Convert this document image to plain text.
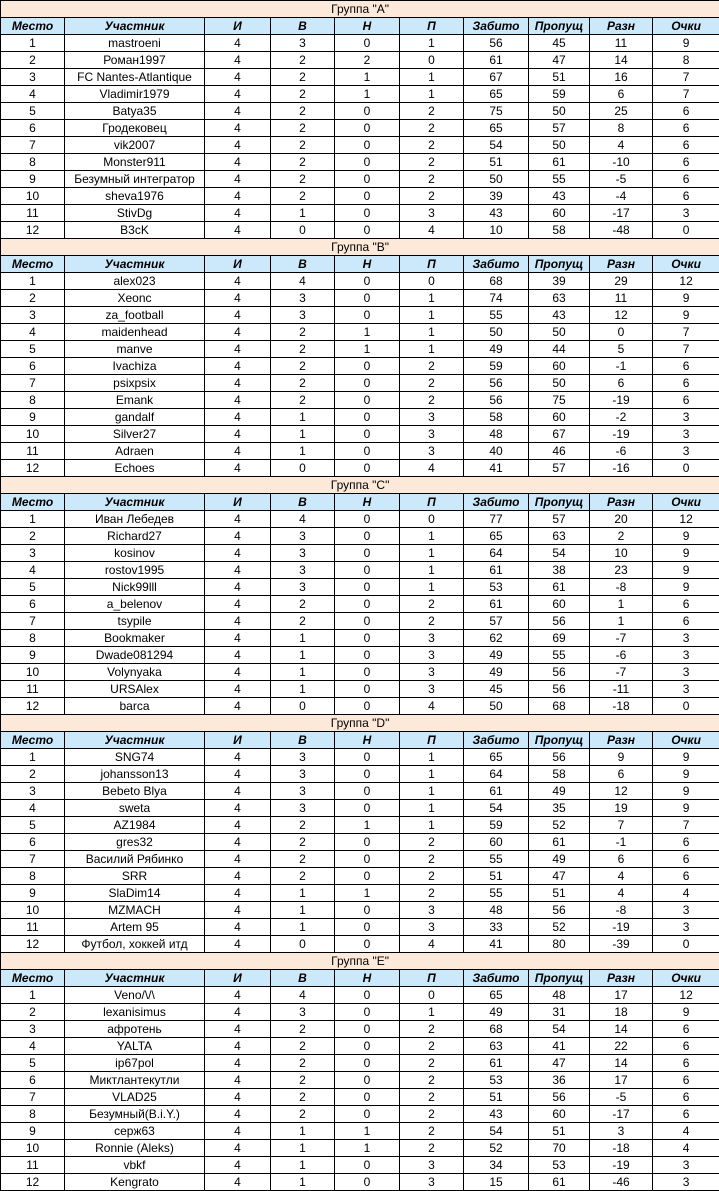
Группа "А"									
Место	Участник	И	В	Н	П	Забито	Пропущ	Разн	Очки
1	mastroeni	4	3	0	1	56	45	11	9
2	Роман1997	4	2	2	0	61	47	14	8
3	FC Nantes-Atlantique	4	2	1	1	67	51	16	7
4	Vladimir1979	4	2	1	1	65	59	6	7
5	Batya35	4	2	0	2	75	50	25	6
6	Гродековец	4	2	0	2	65	57	8	6
7	vik2007	4	2	0	2	54	50	4	6
8	Monster911	4	2	0	2	51	61	-10	6
9	Безумный интегратор	4	2	0	2	50	55	-5	6
10	sheva1976	4	2	0	2	39	43	-4	6
11	StivDg	4	1	0	3	43	60	-17	3
12	B3cK	4	0	0	4	10	58	-48	0
Группа "B"									
Место	Участник	И	В	Н	П	Забито	Пропущ	Разн	Очки
1	alex023	4	4	0	0	68	39	29	12
2	Xeonc	4	3	0	1	74	63	11	9
3	za_football	4	3	0	1	55	43	12	9
4	maidenhead	4	2	1	1	50	50	0	7
5	manve	4	2	1	1	49	44	5	7
6	Ivachiza	4	2	0	2	59	60	-1	6
7	psixpsix	4	2	0	2	56	50	6	6
8	Emank	4	2	0	2	56	75	-19	6
9	gandalf	4	1	0	3	58	60	-2	3
10	Silver27	4	1	0	3	48	67	-19	3
11	Adraen	4	1	0	3	40	46	-6	3
12	Echoes	4	0	0	4	41	57	-16	0
Группа "C"									
Место	Участник	И	В	Н	П	Забито	Пропущ	Разн	Очки
1	Иван Лебедев	4	4	0	0	77	57	20	12
2	Richard27	4	3	0	1	65	63	2	9
3	kosinov	4	3	0	1	64	54	10	9
4	rostov1995	4	3	0	1	61	38	23	9
5	Nick99lll	4	3	0	1	53	61	-8	9
6	a_belenov	4	2	0	2	61	60	1	6
7	tsypile	4	2	0	2	57	56	1	6
8	Bookmaker	4	1	0	3	62	69	-7	3
9	Dwade081294	4	1	0	3	49	55	-6	3
10	Volynyaka	4	1	0	3	49	56	-7	3
11	URSAlex	4	1	0	3	45	56	-11	3
12	barca	4	0	0	4	50	68	-18	0
Группа "D"									
Место	Участник	И	В	Н	П	Забито	Пропущ	Разн	Очки
1	SNG74	4	3	0	1	65	56	9	9
2	johansson13	4	3	0	1	64	58	6	9
3	Bebeto Blya	4	3	0	1	61	49	12	9
4	sweta	4	3	0	1	54	35	19	9
5	AZ1984	4	2	1	1	59	52	7	7
6	gres32	4	2	0	2	60	61	-1	6
7	Василий Рябинко	4	2	0	2	55	49	6	6
8	SRR	4	2	0	2	51	47	4	6
9	SlaDim14	4	1	1	2	55	51	4	4
10	MZMACH	4	1	0	3	48	56	-8	3
11	Artem 95	4	1	0	3	33	52	-19	3
12	Футбол, хоккей итд	4	0	0	4	41	80	-39	0
Группа "E"									
Место	Участник	И	В	Н	П	Забито	Пропущ	Разн	Очки
1	Veno/\/\	4	4	0	0	65	48	17	12
2	lexanisimus	4	3	0	1	49	31	18	9
3	афротень	4	2	0	2	68	54	14	6
4	YALTA	4	2	0	2	63	41	22	6
5	ip67pol	4	2	0	2	61	47	14	6
6	Миктлантекутли	4	2	0	2	53	36	17	6
7	VLAD25	4	2	0	2	51	56	-5	6
8	Безумный(B.i.Y.)	4	2	0	2	43	60	-17	6
9	серж63	4	1	1	2	54	51	3	4
10	Ronnie (Aleks)	4	1	1	2	52	70	-18	4
11	vbkf	4	1	0	3	34	53	-19	3
12	Kengrato	4	1	0	3	15	61	-46	3
